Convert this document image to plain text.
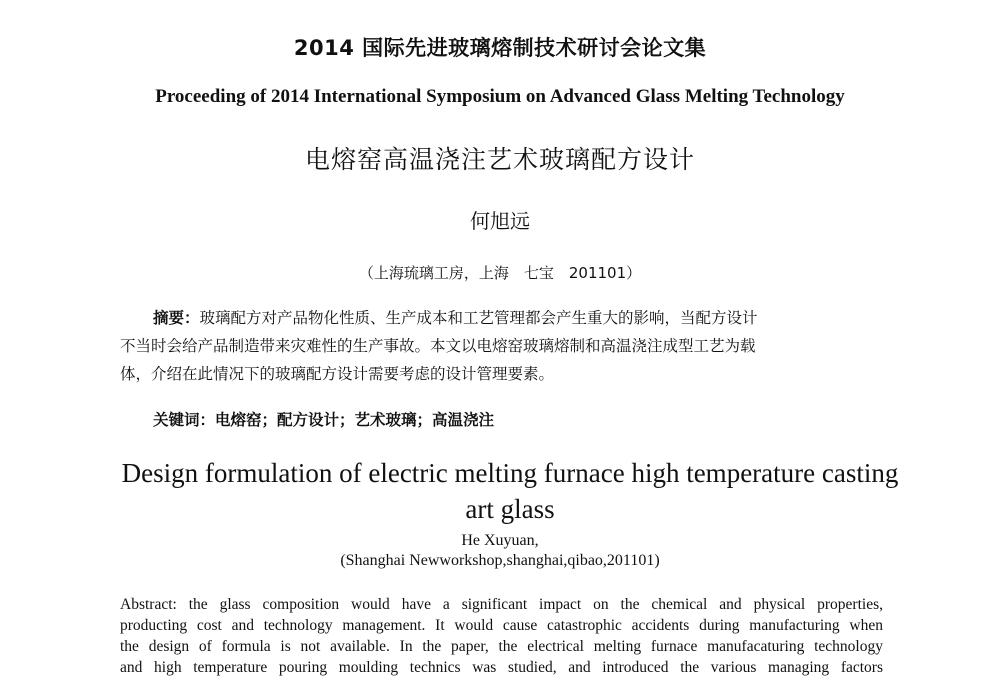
2014 国际先进玻璃熔制技术研讨会论文集
Proceeding of 2014 International Symposium on Advanced Glass Melting Technology
电熔窑高温浇注艺术玻璃配方设计
何旭远
（上海琉璃工房，上海　七宝　201101）
摘要：玻璃配方对产品物化性质、生产成本和工艺管理都会产生重大的影响，当配方设计
不当时会给产品制造带来灾难性的生产事故。本文以电熔窑玻璃熔制和高温浇注成型工艺为载
体，介绍在此情况下的玻璃配方设计需要考虑的设计管理要素。
关键词：电熔窑；配方设计；艺术玻璃；高温浇注
Design formulation of electric melting furnace high temperature casting art glass
He Xuyuan,
(Shanghai Newworkshop,shanghai,qibao,201101)
Abstract: the glass composition would have a significant impact on the chemical and physical properties,
producting cost and technology management. It would cause catastrophic accidents during manufacturing when
the design of formula is not available. In the paper, the electrical melting furnace manufacaturing technology
and high temperature pouring moulding technics was studied, and introduced the various managing factors
